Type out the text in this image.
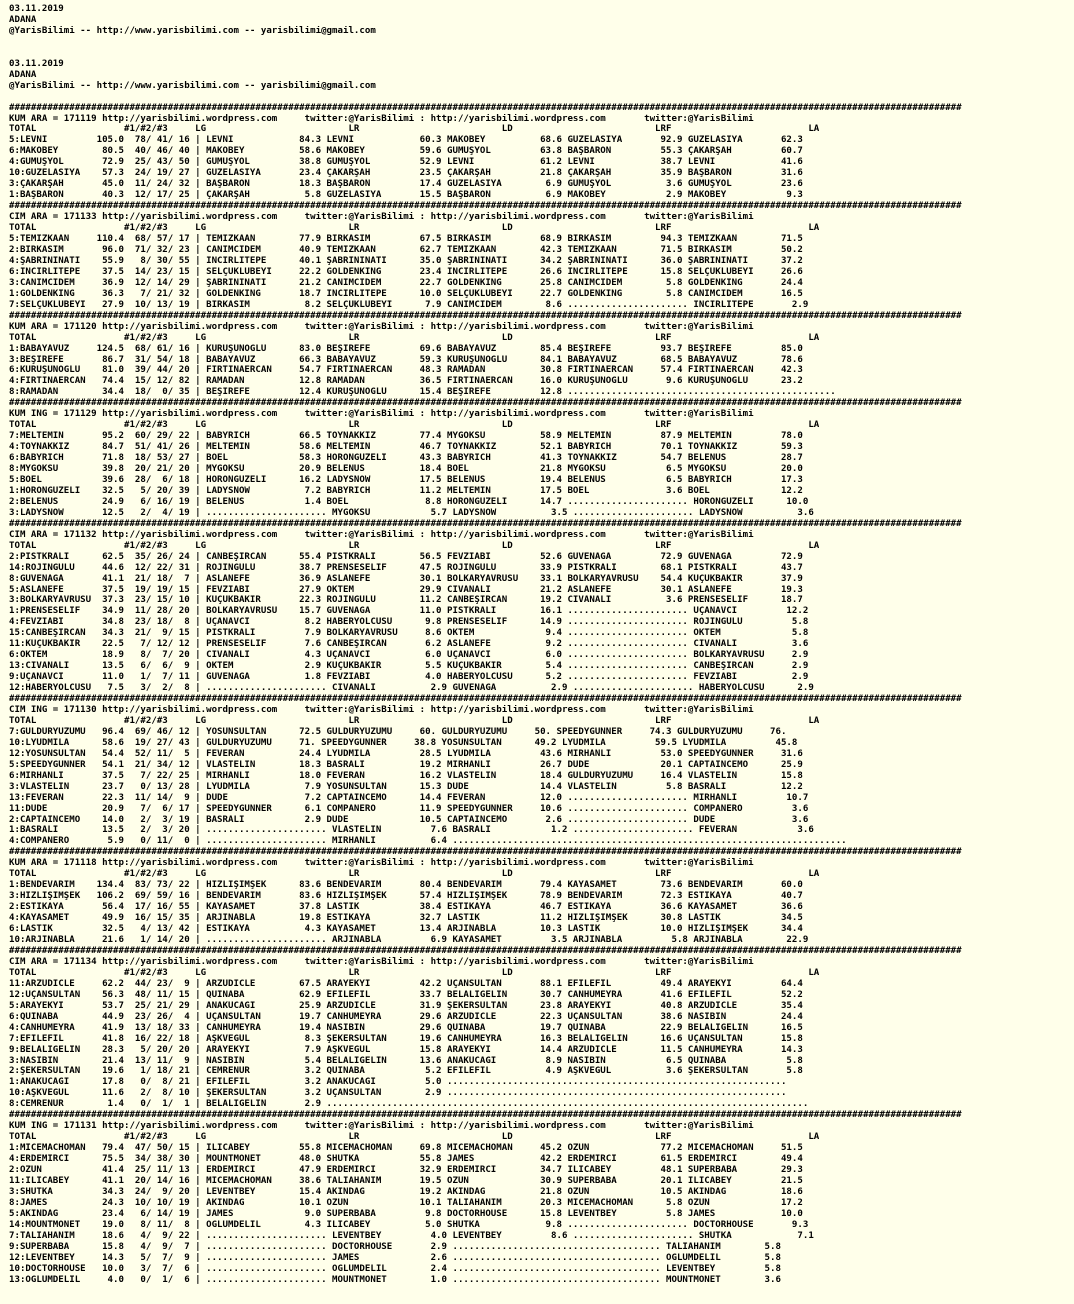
03.11.2019
ADANA
@YarisBilimi -- http://www.yarisbilimi.com -- yarisbilimi@gmail.com
03.11.2019
ADANA
@YarisBilimi -- http://www.yarisbilimi.com -- yarisbilimi@gmail.com
##############################################################################################################################################################################
KUM ARA = 171119 http://yarisbilimi.wordpress.com     twitter:@YarisBilimi : http://yarisbilimi.wordpress.com       twitter:@YarisBilimi
TOTAL                #1/#2/#3     LG                          LR                          LD                          LRF                         LA
5:LEVNİ         105.0  78/ 41/ 16 | LEVNİ            84.3 LEVNİ            60.3 MAKOBEY          68.6 GÜZELASİYA       92.9 GÜZELASİYA       62.3
6:MAKOBEY        80.5  40/ 46/ 40 | MAKOBEY          58.6 MAKOBEY          59.6 GÜMÜŞYOL         63.8 BAŞBARON         55.3 ÇAKARŞAH         60.7
4:GÜMÜŞYOL       72.9  25/ 43/ 50 | GÜMÜŞYOL         38.8 GÜMÜŞYOL         52.9 LEVNİ            61.2 LEVNİ            38.7 LEVNİ            41.6
10:GÜZELASİYA    57.3  24/ 19/ 27 | GÜZELASİYA       23.4 ÇAKARŞAH         23.5 ÇAKARŞAH         21.8 ÇAKARŞAH         35.9 BAŞBARON         31.6
3:ÇAKARŞAH       45.0  11/ 24/ 32 | BAŞBARON         18.3 BAŞBARON         17.4 GÜZELASİYA        6.9 GÜMÜŞYOL          3.6 GÜMÜŞYOL         23.6
1:BAŞBARON       40.3  12/ 17/ 25 | ÇAKARŞAH          5.8 GÜZELASİYA       15.5 BAŞBARON          6.9 MAKOBEY           2.9 MAKOBEY           9.3
##############################################################################################################################################################################
CIM ARA = 171133 http://yarisbilimi.wordpress.com     twitter:@YarisBilimi : http://yarisbilimi.wordpress.com       twitter:@YarisBilimi
TOTAL                #1/#2/#3     LG                          LR                          LD                          LRF                         LA
5:TEMİZKAAN     110.4  68/ 57/ 17 | TEMİZKAAN        77.9 BİRKASIM         67.5 BİRKASIM         68.9 BİRKASIM         94.3 TEMİZKAAN        71.5
2:BİRKASIM       96.0  71/ 32/ 23 | CANIMCİDEM       40.9 TEMİZKAAN        62.7 TEMİZKAAN        42.3 TEMİZKAAN        71.5 BİRKASIM         50.2
4:ŞABRININATI    55.9   8/ 30/ 55 | İNCİRLİTEPE      40.1 ŞABRININATI      35.0 ŞABRININATI      34.2 ŞABRININATI      36.0 ŞABRININATI      37.2
6:İNCİRLİTEPE    37.5  14/ 23/ 15 | SELÇUKLUBEYİ     22.2 GOLDENKING       23.4 İNCİRLİTEPE      26.6 İNCİRLİTEPE      15.8 SELÇUKLUBEYİ     26.6
3:CANIMCİDEM     36.9  12/ 14/ 29 | ŞABRININATI      21.2 CANIMCİDEM       22.7 GOLDENKING       25.8 CANIMCİDEM        5.8 GOLDENKING       24.4
1:GOLDENKING     36.3   7/ 21/ 32 | GOLDENKING       18.7 İNCİRLİTEPE      10.0 SELÇUKLUBEYİ     22.7 GOLDENKING        5.8 CANIMCİDEM       16.5
7:SELÇUKLUBEYİ   27.9  10/ 13/ 19 | BİRKASIM          8.2 SELÇUKLUBEYİ      7.9 CANIMCİDEM        8.6 ...................... İNCİRLİTEPE       2.9
##############################################################################################################################################################################
KUM ARA = 171120 http://yarisbilimi.wordpress.com     twitter:@YarisBilimi : http://yarisbilimi.wordpress.com       twitter:@YarisBilimi
TOTAL                #1/#2/#3     LG                          LR                          LD                          LRF                         LA
1:BABAYAVUZ     124.5  68/ 61/ 16 | KURUŞUNOĞLU      83.0 BEŞİREFE         69.6 BABAYAVUZ        85.4 BEŞİREFE         93.7 BEŞİREFE         85.0
3:BEŞİREFE       86.7  31/ 54/ 18 | BABAYAVUZ        66.3 BABAYAVUZ        59.3 KURUŞUNOĞLU      84.1 BABAYAVUZ        68.5 BABAYAVUZ        78.6
6:KURUŞUNOĞLU    81.0  39/ 44/ 20 | FIRTINAERCAN     54.7 FIRTINAERCAN     48.3 RAMADAN          30.8 FIRTINAERCAN     57.4 FIRTINAERCAN     42.3
4:FIRTINAERCAN   74.4  15/ 12/ 82 | RAMADAN          12.8 RAMADAN          36.5 FIRTINAERCAN     16.0 KURUŞUNOĞLU       9.6 KURUŞUNOĞLU      23.2
8:RAMADAN        34.4  18/  0/ 35 | BEŞİREFE         12.4 KURUŞUNOĞLU      15.4 BEŞİREFE         12.8 .................................................
##############################################################################################################################################################################
KUM ING = 171129 http://yarisbilimi.wordpress.com     twitter:@YarisBilimi : http://yarisbilimi.wordpress.com       twitter:@YarisBilimi
TOTAL                #1/#2/#3     LG                          LR                          LD                          LRF                         LA
7:MELTEMİN       95.2  60/ 29/ 22 | BABYRICH         66.5 TOYNAKKIZ        77.4 MYGOKSU          58.9 MELTEMİN         87.9 MELTEMİN         78.0
4:TOYNAKKIZ      84.7  51/ 41/ 26 | MELTEMİN         58.6 MELTEMİN         46.7 TOYNAKKIZ        52.1 BABYRICH         70.1 TOYNAKKIZ        59.3
6:BABYRICH       71.8  18/ 53/ 27 | BOEL             58.3 HORONGÜZELİ      43.3 BABYRICH         41.3 TOYNAKKIZ        54.7 BELENUS          28.7
8:MYGOKSU        39.8  20/ 21/ 20 | MYGOKSU          20.9 BELENUS          18.4 BOEL             21.8 MYGOKSU           6.5 MYGOKSU          20.0
5:BOEL           39.6  28/  6/ 18 | HORONGÜZELİ      16.2 LADYSNOW         17.5 BELENUS          19.4 BELENUS           6.5 BABYRICH         17.3
1:HORONGÜZELİ    32.5   5/ 20/ 39 | LADYSNOW          7.2 BABYRICH         11.2 MELTEMİN         17.5 BOEL              3.6 BOEL             12.2
2:BELENUS        24.9   6/ 16/ 19 | BELENUS           1.4 BOEL              8.8 HORONGÜZELİ      14.7 ...................... HORONGÜZELİ      10.0
3:LADYSNOW       12.5   2/  4/ 19 | ...................... MYGOKSU           5.7 LADYSNOW          3.5 ...................... LADYSNOW          3.6
##############################################################################################################################################################################
CIM ARA = 171132 http://yarisbilimi.wordpress.com     twitter:@YarisBilimi : http://yarisbilimi.wordpress.com       twitter:@YarisBilimi
TOTAL                #1/#2/#3     LG                          LR                          LD                          LRF                         LA
2:PİSTKRALI      62.5  35/ 26/ 24 | CANBEŞİRCAN      55.4 PİSTKRALI        56.5 FEVZİABİ         52.6 GÜVENAĞA         72.9 GÜVENAĞA         72.9
14:ROJİNGÜLÜ     44.6  12/ 22/ 31 | ROJİNGÜLÜ        38.7 PRENSESELİF      47.5 ROJİNGÜLÜ        33.9 PİSTKRALI        68.1 PİSTKRALI        43.7
8:GÜVENAĞA       41.1  21/ 18/  7 | ASLANEFE         36.9 ASLANEFE         30.1 BOLKARYAVRUSU    33.1 BOLKARYAVRUSU    54.4 KÜÇÜKBAKIR       37.9
5:ASLANEFE       37.5  19/ 19/ 15 | FEVZİABİ         27.9 ÖKTEM            29.9 CİVANALİ         21.2 ASLANEFE         30.1 ASLANEFE         19.3
3:BOLKARYAVRUSU  37.3  23/ 15/ 10 | KÜÇÜKBAKIR       22.3 ROJİNGÜLÜ        11.2 CANBEŞİRCAN      19.2 CİVANALİ          3.6 PRENSESELİF      18.7
1:PRENSESELİF    34.9  11/ 28/ 20 | BOLKARYAVRUSU    15.7 GÜVENAĞA         11.0 PİSTKRALI        16.1 ...................... UÇANAVCI         12.2
4:FEVZİABİ       34.8  23/ 18/  8 | UÇANAVCI          8.2 HABERYOLCUSU      9.8 PRENSESELİF      14.9 ...................... ROJİNGÜLÜ         5.8
15:CANBEŞİRCAN   34.3  21/  9/ 15 | PİSTKRALI         7.9 BOLKARYAVRUSU     8.6 ÖKTEM             9.4 ...................... ÖKTEM             5.8
11:KÜÇÜKBAKIR    22.5   7/ 12/ 12 | PRENSESELİF       7.6 CANBEŞİRCAN       6.2 ASLANEFE          9.2 ...................... CİVANALİ          3.6
6:ÖKTEM          18.9   8/  7/ 20 | CİVANALİ          4.3 UÇANAVCI          6.0 UÇANAVCI          6.0 ...................... BOLKARYAVRUSU     2.9
13:CİVANALİ      13.5   6/  6/  9 | ÖKTEM             2.9 KÜÇÜKBAKIR        5.5 KÜÇÜKBAKIR        5.4 ...................... CANBEŞİRCAN       2.9
9:UÇANAVCI       11.0   1/  7/ 11 | GÜVENAĞA          1.8 FEVZİABİ          4.0 HABERYOLCUSU      5.2 ...................... FEVZİABİ          2.9
12:HABERYOLCUSU   7.5   3/  2/  8 | ...................... CİVANALİ          2.9 GÜVENAĞA          2.9 ...................... HABERYOLCUSU      2.9
##############################################################################################################################################################################
CIM ING = 171130 http://yarisbilimi.wordpress.com     twitter:@YarisBilimi : http://yarisbilimi.wordpress.com       twitter:@YarisBilimi
TOTAL                #1/#2/#3     LG                          LR                          LD                          LRF                         LA
7:GULDÜRYÜZÜMÜ   96.4  69/ 46/ 12 | YOSUNSULTAN      72.5 GULDÜRYÜZÜMÜ     60. GULDÜRYÜZÜMÜ     50. SPEEDYGUNNER     74.3 GULDÜRYÜZÜMÜ     76.
10:LYUDMILA      58.6  19/ 27/ 43 | GULDÜRYÜZÜMÜ     71. SPEEDYGUNNER     38.8 YOSUNSULTAN      49.2 LYUDMILA         59.5 LYUDMILA         45.8
12:YOSUNSULTAN   54.4  52/ 11/  5 | FEVERAN          24.4 LYUDMILA         28.5 LYUDMILA         43.6 MİRHANLI         53.0 SPEEDYGUNNER     31.6
5:SPEEDYGUNNER   54.1  21/ 34/ 12 | VLASTELIN        18.3 BASRALI          19.2 MİRHANLI         26.7 DUDE             20.1 CAPTAINCEMO      25.9
6:MİRHANLI       37.5   7/ 22/ 25 | MİRHANLI         18.0 FEVERAN          16.2 VLASTELIN        18.4 GULDÜRYÜZÜMÜ     16.4 VLASTELIN        15.8
3:VLASTELIN      23.7   0/ 13/ 28 | LYUDMILA          7.9 YOSUNSULTAN      15.3 DUDE             14.4 VLASTELIN         5.8 BASRALI          12.2
13:FEVERAN       22.3  11/ 14/  9 | DUDE              7.2 CAPTAINCEMO      14.4 FEVERAN          12.0 ...................... MİRHANLI         10.7
11:DUDE          20.9   7/  6/ 17 | SPEEDYGUNNER      6.1 COMPANERO        11.9 SPEEDYGUNNER     10.6 ...................... COMPANERO         3.6
2:CAPTAINCEMO    14.0   2/  3/ 19 | BASRALI           2.9 DUDE             10.5 CAPTAINCEMO       2.6 ...................... DUDE              3.6
1:BASRALI        13.5   2/  3/ 20 | ...................... VLASTELIN         7.6 BASRALI           1.2 ...................... FEVERAN           3.6
4:COMPANERO       5.9   0/ 11/  0 | ...................... MİRHANLI          6.4 ........................................................................
##############################################################################################################################################################################
KUM ARA = 171118 http://yarisbilimi.wordpress.com     twitter:@YarisBilimi : http://yarisbilimi.wordpress.com       twitter:@YarisBilimi
TOTAL                #1/#2/#3     LG                          LR                          LD                          LRF                         LA
1:BENDEVARIM    134.4  83/ 73/ 22 | HIZLIŞIMŞEK      83.6 BENDEVARIM       80.4 BENDEVARIM       79.4 KAYASAMET        73.6 BENDEVARIM       60.0
3:HIZLIŞIMŞEK   106.2  69/ 59/ 16 | BENDEVARIM       83.6 HIZLIŞIMŞEK      57.4 HIZLIŞIMŞEK      78.9 BENDEVARIM       72.3 ESTİKAYA         40.7
2:ESTİKAYA       56.4  17/ 16/ 55 | KAYASAMET        37.8 LASTİK           38.4 ESTİKAYA         46.7 ESTİKAYA         36.6 KAYASAMET        36.6
4:KAYASAMET      49.9  16/ 15/ 35 | ARJİNABLA        19.8 ESTİKAYA         32.7 LASTİK           11.2 HIZLIŞIMŞEK      30.8 LASTİK           34.5
6:LASTİK         32.5   4/ 13/ 42 | ESTİKAYA          4.3 KAYASAMET        13.4 ARJİNABLA        10.3 LASTİK           10.0 HIZLIŞIMŞEK      34.4
10:ARJİNABLA     21.6   1/ 14/ 20 | ...................... ARJİNABLA         6.9 KAYASAMET         3.5 ARJİNABLA         5.8 ARJİNABLA        22.9
##############################################################################################################################################################################
CIM ARA = 171134 http://yarisbilimi.wordpress.com     twitter:@YarisBilimi : http://yarisbilimi.wordpress.com       twitter:@YarisBilimi
TOTAL                #1/#2/#3     LG                          LR                          LD                          LRF                         LA
11:ARZUDİCLE     62.2  44/ 23/  9 | ARZUDİCLE        67.5 ARAYEKYİ         42.2 UÇANSULTAN       88.1 EFİLEFİL         49.4 ARAYEKYİ         64.4
12:UÇANSULTAN    56.3  48/ 11/ 15 | QUINABA          62.9 EFİLEFİL         33.7 BELALIGELİN      30.7 CANHÜMEYRA       41.6 EFİLEFİL         52.2
5:ARAYEKYİ       53.7  25/ 21/ 29 | ANAKUCAĞI        25.9 ARZUDİCLE        31.9 ŞEKERSULTAN      23.8 ARAYEKYİ         40.8 ARZUDİCLE        35.4
6:QUINABA        44.9  23/ 26/  4 | UÇANSULTAN       19.7 CANHÜMEYRA       29.6 ARZUDİCLE        22.3 UÇANSULTAN       38.6 NASIBIN          24.4
4:CANHÜMEYRA     41.9  13/ 18/ 33 | CANHÜMEYRA       19.4 NASIBIN          29.6 QUINABA          19.7 QUINABA          22.9 BELALIGELİN      16.5
7:EFİLEFİL       41.8  16/ 22/ 18 | AŞKVEGUL          8.3 ŞEKERSULTAN      19.6 CANHÜMEYRA       16.3 BELALIGELİN      16.6 UÇANSULTAN       15.8
9:BELALIGELİN    28.3   5/ 20/ 20 | ARAYEKYİ          7.9 AŞKVEGUL         15.8 ARAYEKYİ         14.4 ARZUDİCLE        11.5 CANHÜMEYRA       14.3
3:NASIBIN        21.4  13/ 11/  9 | NASIBIN           5.4 BELALIGELİN      13.6 ANAKUCAĞI         8.9 NASIBIN           6.5 QUINABA           5.8
2:ŞEKERSULTAN    19.6   1/ 18/ 21 | CEMRENUR          3.2 QUINABA           5.2 EFİLEFİL          4.9 AŞKVEGUL          3.6 ŞEKERSULTAN       5.8
1:ANAKUCAĞI      17.8   0/  8/ 21 | EFİLEFİL          3.2 ANAKUCAĞI         5.0 ..............................................................
10:AŞKVEGUL      11.6   2/  8/ 10 | ŞEKERSULTAN       3.2 UÇANSULTAN        2.9 ..............................................................
8:CEMRENUR        1.4   0/  1/  1 | BELALIGELİN       2.9 ........................................................................................
##############################################################################################################################################################################
KUM ING = 171131 http://yarisbilimi.wordpress.com     twitter:@YarisBilimi : http://yarisbilimi.wordpress.com       twitter:@YarisBilimi
TOTAL                #1/#2/#3     LG                          LR                          LD                          LRF                         LA
1:MICEMACHOMAN   79.4  47/ 50/ 15 | ILICABEY         55.8 MICEMACHOMAN     69.8 MICEMACHOMAN     45.2 OZUN             77.2 MICEMACHOMAN     51.5
4:ERDEMİRCİ      75.5  34/ 38/ 30 | MOUNTMONET       48.0 SHUTKA           55.8 JAMES            42.2 ERDEMİRCİ        61.5 ERDEMİRCİ        49.4
2:OZUN           41.4  25/ 11/ 13 | ERDEMİRCİ        47.9 ERDEMİRCİ        32.9 ERDEMİRCİ        34.7 ILICABEY         48.1 SUPERBABA        29.3
11:ILICABEY      41.1  20/ 14/ 16 | MICEMACHOMAN     38.6 TALIAHANIM       19.5 OZUN             30.9 SUPERBABA        20.1 ILICABEY         21.5
3:SHUTKA         34.3  24/  9/ 20 | LEVENTBEY        15.4 AKINDAĞ          19.2 AKINDAĞ          21.8 OZUN             10.5 AKINDAĞ          18.6
8:JAMES          24.3  10/ 10/ 19 | AKINDAĞ          10.1 OZUN             10.1 TALIAHANIM       20.3 MICEMACHOMAN      5.8 OZUN             17.2
5:AKINDAĞ        23.4   6/ 14/ 19 | JAMES             9.0 SUPERBABA         9.8 DOCTORHOUSE      15.8 LEVENTBEY         5.8 JAMES            10.0
14:MOUNTMONET    19.0   8/ 11/  8 | OGLUMDELİL        4.3 ILICABEY          5.0 SHUTKA            9.8 ...................... DOCTORHOUSE       9.3
7:TALIAHANIM     18.6   4/  9/ 22 | ...................... LEVENTBEY         4.0 LEVENTBEY         8.6 ...................... SHUTKA            7.1
9:SUPERBABA      15.8   4/  9/  7 | ...................... DOCTORHOUSE       2.9 ...................................... TALIAHANIM        5.8
12:LEVENTBEY     14.3   5/  7/  9 | ...................... JAMES             2.6 ...................................... OGLUMDELİL        5.8
10:DOCTORHOUSE   10.0   3/  7/  6 | ...................... OGLUMDELİL        2.4 ...................................... LEVENTBEY         5.8
13:OGLUMDELİL     4.0   0/  1/  6 | ...................... MOUNTMONET        1.0 ...................................... MOUNTMONET        3.6
